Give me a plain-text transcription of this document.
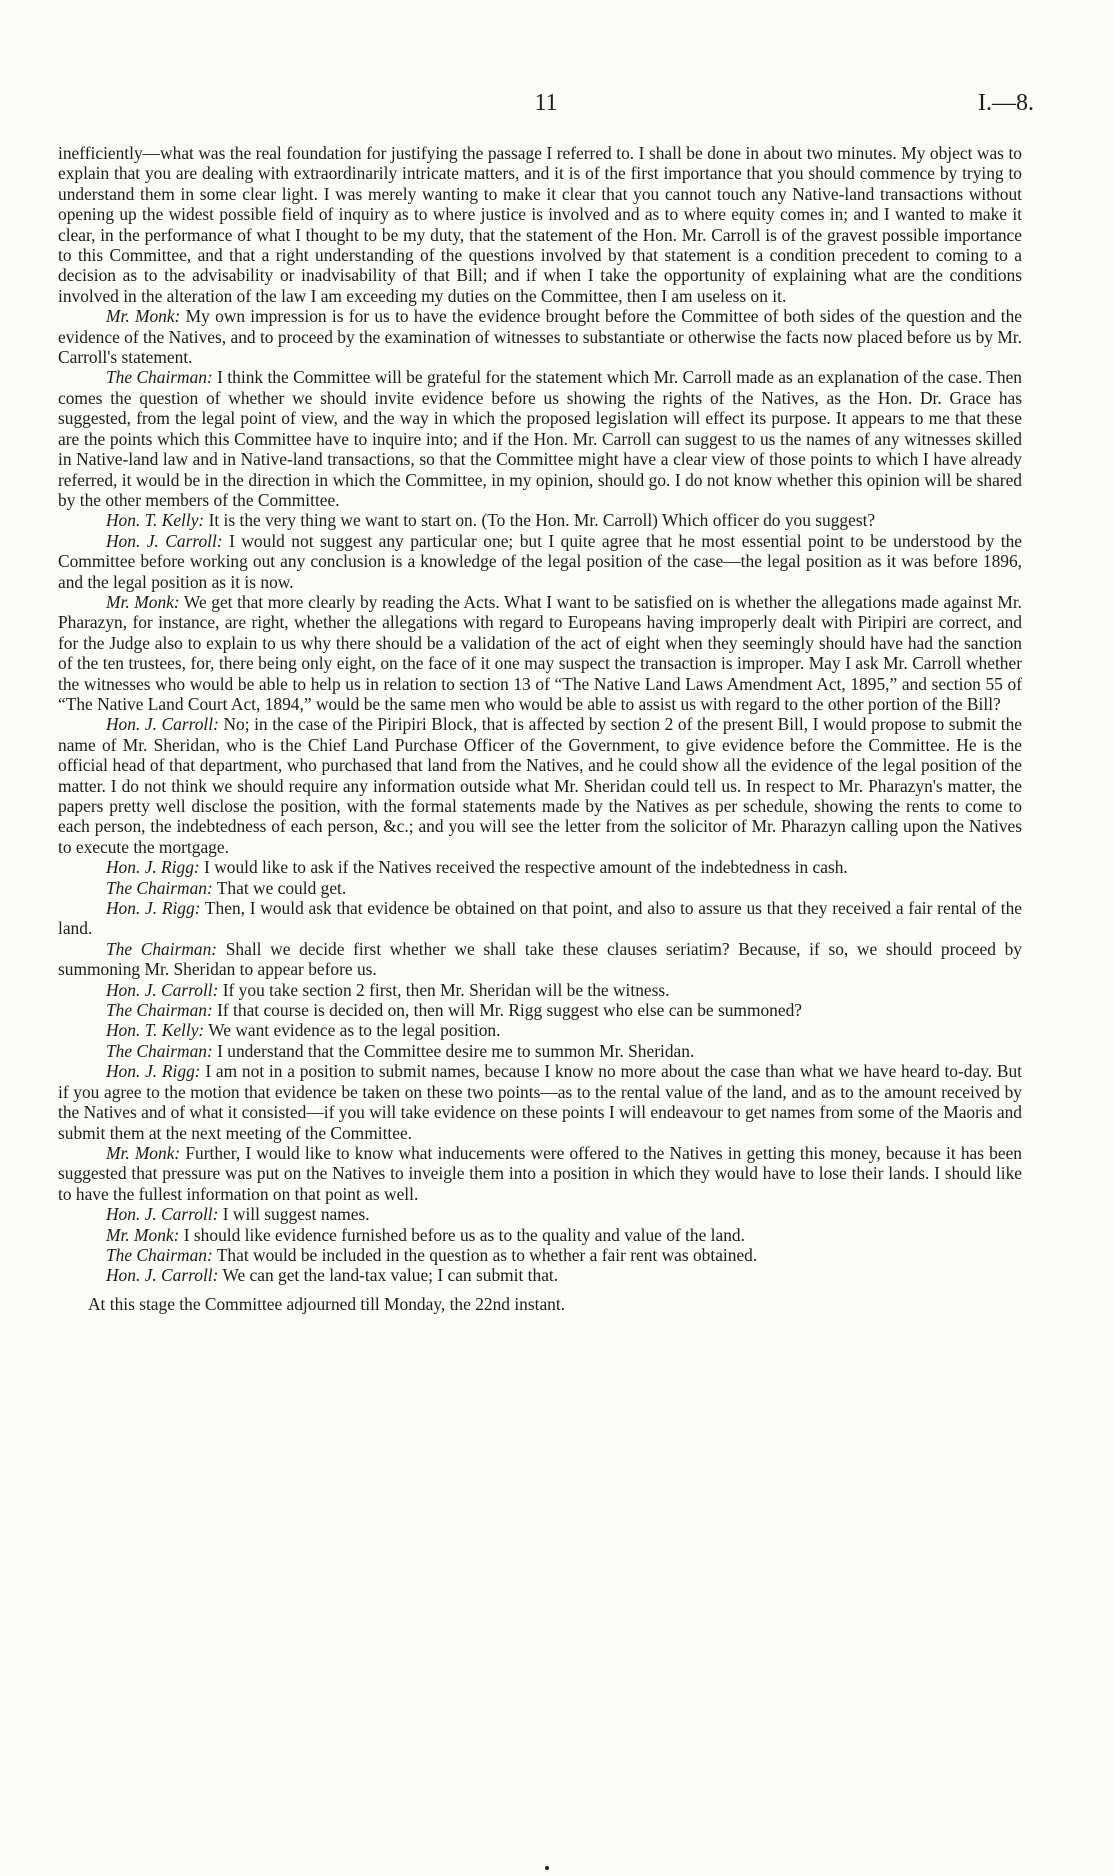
11	I.—8.

inefficiently—what was the real foundation for justifying the passage I referred to. I shall be done in about two minutes. My object was to explain that you are dealing with extraordinarily intricate matters, and it is of the first importance that you should commence by trying to understand them in some clear light. I was merely wanting to make it clear that you cannot touch any Native-land transactions without opening up the widest possible field of inquiry as to where justice is involved and as to where equity comes in; and I wanted to make it clear, in the performance of what I thought to be my duty, that the statement of the Hon. Mr. Carroll is of the gravest possible importance to this Committee, and that a right understanding of the questions involved by that statement is a condition precedent to coming to a decision as to the advisability or inadvisability of that Bill; and if when I take the opportunity of explaining what are the conditions involved in the alteration of the law I am exceeding my duties on the Committee, then I am useless on it.

Mr. Monk: My own impression is for us to have the evidence brought before the Committee of both sides of the question and the evidence of the Natives, and to proceed by the examination of witnesses to substantiate or otherwise the facts now placed before us by Mr. Carroll's statement.

The Chairman: I think the Committee will be grateful for the statement which Mr. Carroll made as an explanation of the case. Then comes the question of whether we should invite evidence before us showing the rights of the Natives, as the Hon. Dr. Grace has suggested, from the legal point of view, and the way in which the proposed legislation will effect its purpose. It appears to me that these are the points which this Committee have to inquire into; and if the Hon. Mr. Carroll can suggest to us the names of any witnesses skilled in Native-land law and in Native-land transactions, so that the Committee might have a clear view of those points to which I have already referred, it would be in the direction in which the Committee, in my opinion, should go. I do not know whether this opinion will be shared by the other members of the Committee.

Hon. T. Kelly: It is the very thing we want to start on. (To the Hon. Mr. Carroll) Which officer do you suggest?

Hon. J. Carroll: I would not suggest any particular one; but I quite agree that he most essential point to be understood by the Committee before working out any conclusion is a knowledge of the legal position of the case—the legal position as it was before 1896, and the legal position as it is now.

Mr. Monk: We get that more clearly by reading the Acts. What I want to be satisfied on is whether the allegations made against Mr. Pharazyn, for instance, are right, whether the allegations with regard to Europeans having improperly dealt with Piripiri are correct, and for the Judge also to explain to us why there should be a validation of the act of eight when they seemingly should have had the sanction of the ten trustees, for, there being only eight, on the face of it one may suspect the transaction is improper. May I ask Mr. Carroll whether the witnesses who would be able to help us in relation to section 13 of “The Native Land Laws Amendment Act, 1895,” and section 55 of “The Native Land Court Act, 1894,” would be the same men who would be able to assist us with regard to the other portion of the Bill?

Hon. J. Carroll: No; in the case of the Piripiri Block, that is affected by section 2 of the present Bill, I would propose to submit the name of Mr. Sheridan, who is the Chief Land Purchase Officer of the Government, to give evidence before the Committee. He is the official head of that department, who purchased that land from the Natives, and he could show all the evidence of the legal position of the matter. I do not think we should require any information outside what Mr. Sheridan could tell us. In respect to Mr. Pharazyn's matter, the papers pretty well disclose the position, with the formal statements made by the Natives as per schedule, showing the rents to come to each person, the indebtedness of each person, &c.; and you will see the letter from the solicitor of Mr. Pharazyn calling upon the Natives to execute the mortgage.

Hon. J. Rigg: I would like to ask if the Natives received the respective amount of the indebtedness in cash.

The Chairman: That we could get.

Hon. J. Rigg: Then, I would ask that evidence be obtained on that point, and also to assure us that they received a fair rental of the land.

The Chairman: Shall we decide first whether we shall take these clauses seriatim? Because, if so, we should proceed by summoning Mr. Sheridan to appear before us.

Hon. J. Carroll: If you take section 2 first, then Mr. Sheridan will be the witness.

The Chairman: If that course is decided on, then will Mr. Rigg suggest who else can be summoned?

Hon. T. Kelly: We want evidence as to the legal position.

The Chairman: I understand that the Committee desire me to summon Mr. Sheridan.

Hon. J. Rigg: I am not in a position to submit names, because I know no more about the case than what we have heard to-day. But if you agree to the motion that evidence be taken on these two points—as to the rental value of the land, and as to the amount received by the Natives and of what it consisted—if you will take evidence on these points I will endeavour to get names from some of the Maoris and submit them at the next meeting of the Committee.

Mr. Monk: Further, I would like to know what inducements were offered to the Natives in getting this money, because it has been suggested that pressure was put on the Natives to inveigle them into a position in which they would have to lose their lands. I should like to have the fullest information on that point as well.

Hon. J. Carroll: I will suggest names.

Mr. Monk: I should like evidence furnished before us as to the quality and value of the land.

The Chairman: That would be included in the question as to whether a fair rent was obtained.

Hon. J. Carroll: We can get the land-tax value; I can submit that.

At this stage the Committee adjourned till Monday, the 22nd instant.
